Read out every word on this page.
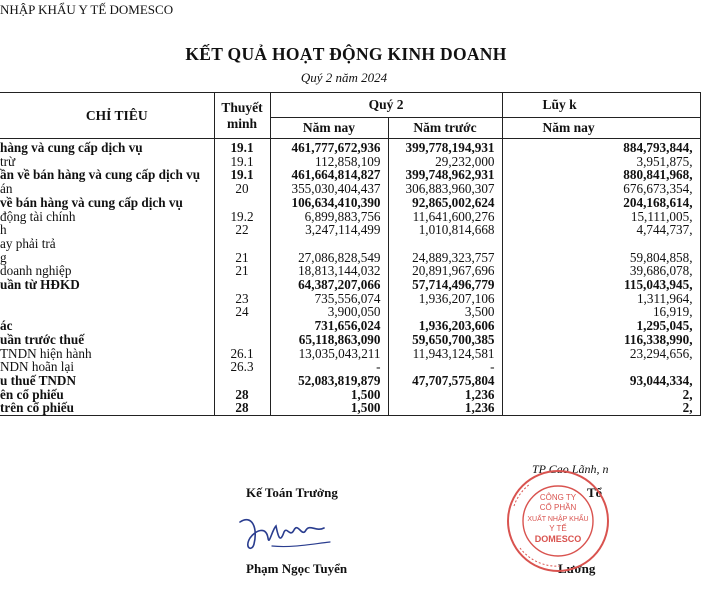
NHẬP KHẨU Y TẾ DOMESCO
KẾT QUẢ HOẠT ĐỘNG KINH DOANH
Quý 2 năm 2024
CHỈ TIÊU	Thuyết minh	Quý 2		Lũy k
		Năm nay	Năm trước	Năm nay
hàng và cung cấp dịch vụ	19.1	461,777,672,936	399,778,194,931	884,793,844,
trừ	19.1	112,858,109	29,232,000	3,951,875,
ần về bán hàng và cung cấp dịch vụ	19.1	461,664,814,827	399,748,962,931	880,841,968,
án	20	355,030,404,437	306,883,960,307	676,673,354,
về bán hàng và cung cấp dịch vụ		106,634,410,390	92,865,002,624	204,168,614,
động tài chính	19.2	6,899,883,756	11,641,600,276	15,111,005,
h	22	3,247,114,499	1,010,814,668	4,744,737,
ay phải trả				
g	21	27,086,828,549	24,889,323,757	59,804,858,
doanh nghiệp	21	18,813,144,032	20,891,967,696	39,686,078,
uần từ HĐKD		64,387,207,066	57,714,496,779	115,043,945,
	23	735,556,074	1,936,207,106	1,311,964,
	24	3,900,050	3,500	16,919,
ác		731,656,024	1,936,203,606	1,295,045,
uần trước thuế		65,118,863,090	59,650,700,385	116,338,990,
TNDN hiện hành	26.1	13,035,043,211	11,943,124,581	23,294,656,
NDN hoãn lại	26.3	-	-	
u thuế TNDN		52,083,819,879	47,707,575,804	93,044,334,
ên cổ phiếu	28	1,500	1,236	2,
trên cổ phiếu	28	1,500	1,236	2,
TP Cao Lãnh, n
Kế Toán Trưởng	Tổ
Phạm Ngọc Tuyển	Lương
CÔNG TY
CỔ PHẦN
XUẤT NHẬP KHẨU
Y TẾ
DOMESCO
